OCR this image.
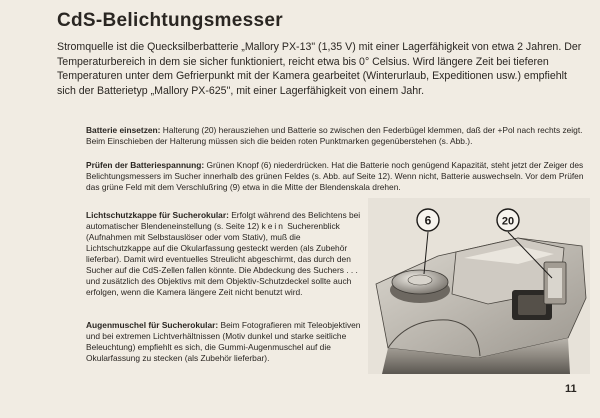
CdS-Belichtungsmesser

Stromquelle ist die Quecksilberbatterie „Mallory PX-13" (1,35 V) mit einer Lagerfähigkeit von etwa 2 Jahren. Der Temperaturbereich in dem sie sicher funktioniert, reicht etwa bis 0° Celsius. Wird längere Zeit bei tieferen Temperaturen unter dem Gefrierpunkt mit der Kamera gearbeitet (Winterurlaub, Expeditionen usw.) empfiehlt sich der Batterietyp „Mallory PX-625", mit einer Lagerfähigkeit von einem Jahr.

Batterie einsetzen: Halterung (20) herausziehen und Batterie so zwischen den Federbügel klemmen, daß der +Pol nach rechts zeigt. Beim Einschieben der Halterung müssen sich die beiden roten Punktmarken gegenüberstehen (s. Abb.).

Prüfen der Batteriespannung: Grünen Knopf (6) niederdrücken. Hat die Batterie noch genügend Kapazität, steht jetzt der Zeiger des Belichtungsmessers im Sucher innerhalb des grünen Feldes (s. Abb. auf Seite 12). Wenn nicht, Batterie auswechseln. Vor dem Prüfen das grüne Feld mit dem Verschlußring (9) etwa in die Mitte der Blendenskala drehen.

Lichtschutzkappe für Sucherokular: Erfolgt während des Belichtens bei automatischer Blendeneinstellung (s. Seite 12) kein Sucherenblick (Aufnahmen mit Selbstauslöser oder vom Stativ), muß die Lichtschutzkappe auf die Okularfassung gesteckt werden (als Zubehör lieferbar). Damit wird eventuelles Streulicht abgeschirmt, das durch den Sucher auf die CdS-Zellen fallen könnte. Die Abdeckung des Suchers . . . und zusätzlich des Objektivs mit dem Objektiv-Schutzdeckel sollte auch erfolgen, wenn die Kamera längere Zeit nicht benutzt wird.

Augenmuschel für Sucherokular: Beim Fotografieren mit Teleobjektiven und bei extremen Lichtverhältnissen (Motiv dunkel und starke seitliche Beleuchtung) empfiehlt es sich, die Gummi-Augenmuschel auf die Okularfassung zu stecken (als Zubehör lieferbar).

6	20
11
